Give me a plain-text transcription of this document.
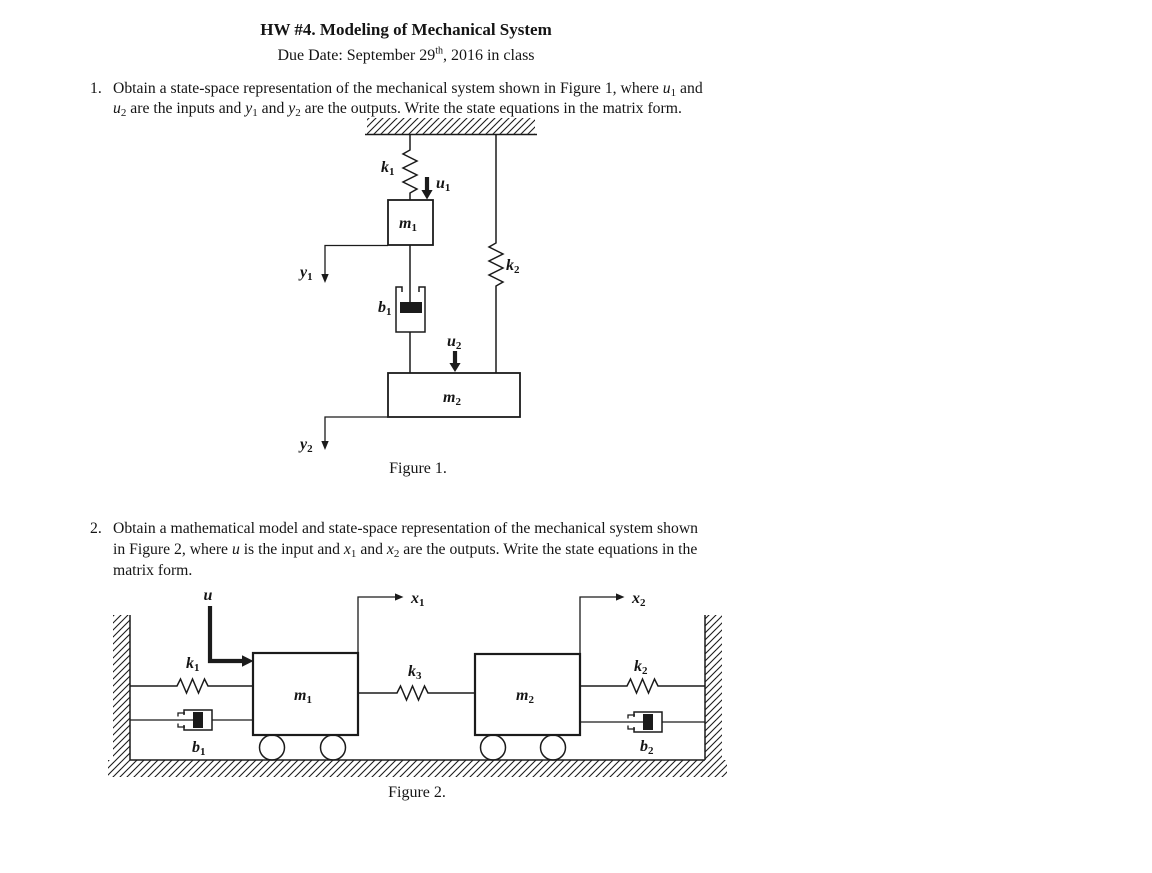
HW #4. Modeling of Mechanical System
Due Date: September 29th, 2016 in class
1. Obtain a state-space representation of the mechanical system shown in Figure 1, where $u_1$ and
$u_2$ are the inputs and $y_1$ and $y_2$ are the outputs. Write the state equations in the matrix form.
k1
u1
m1
y1
b1
k2
u2
m2
y2
Figure 1.
2. Obtain a mathematical model and state-space representation of the mechanical system shown
in Figure 2, where u is the input and $x_1$ and $x_2$ are the outputs. Write the state equations in the
matrix form.
u
k1
b1
m1
x1
k3
m2
x2
k2
b2
Figure 2.
